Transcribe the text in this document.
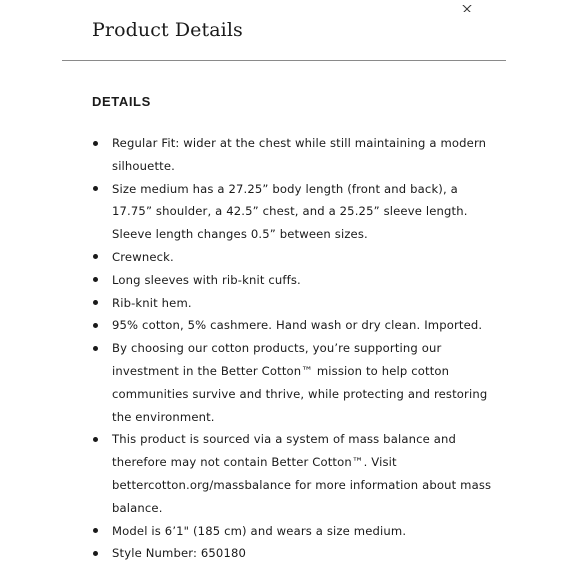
Product Details
DETAILS
Regular Fit: wider at the chest while still maintaining a modern silhouette.
Size medium has a 27.25” body length (front and back), a 17.75” shoulder, a 42.5” chest, and a 25.25” sleeve length. Sleeve length changes 0.5” between sizes.
Crewneck.
Long sleeves with rib-knit cuffs.
Rib-knit hem.
95% cotton, 5% cashmere. Hand wash or dry clean. Imported.
By choosing our cotton products, you’re supporting our investment in the Better Cotton™ mission to help cotton communities survive and thrive, while protecting and restoring the environment.
This product is sourced via a system of mass balance and therefore may not contain Better Cotton™. Visit bettercotton.org/massbalance for more information about mass balance.
Model is 6’1" (185 cm) and wears a size medium.
Style Number: 650180
